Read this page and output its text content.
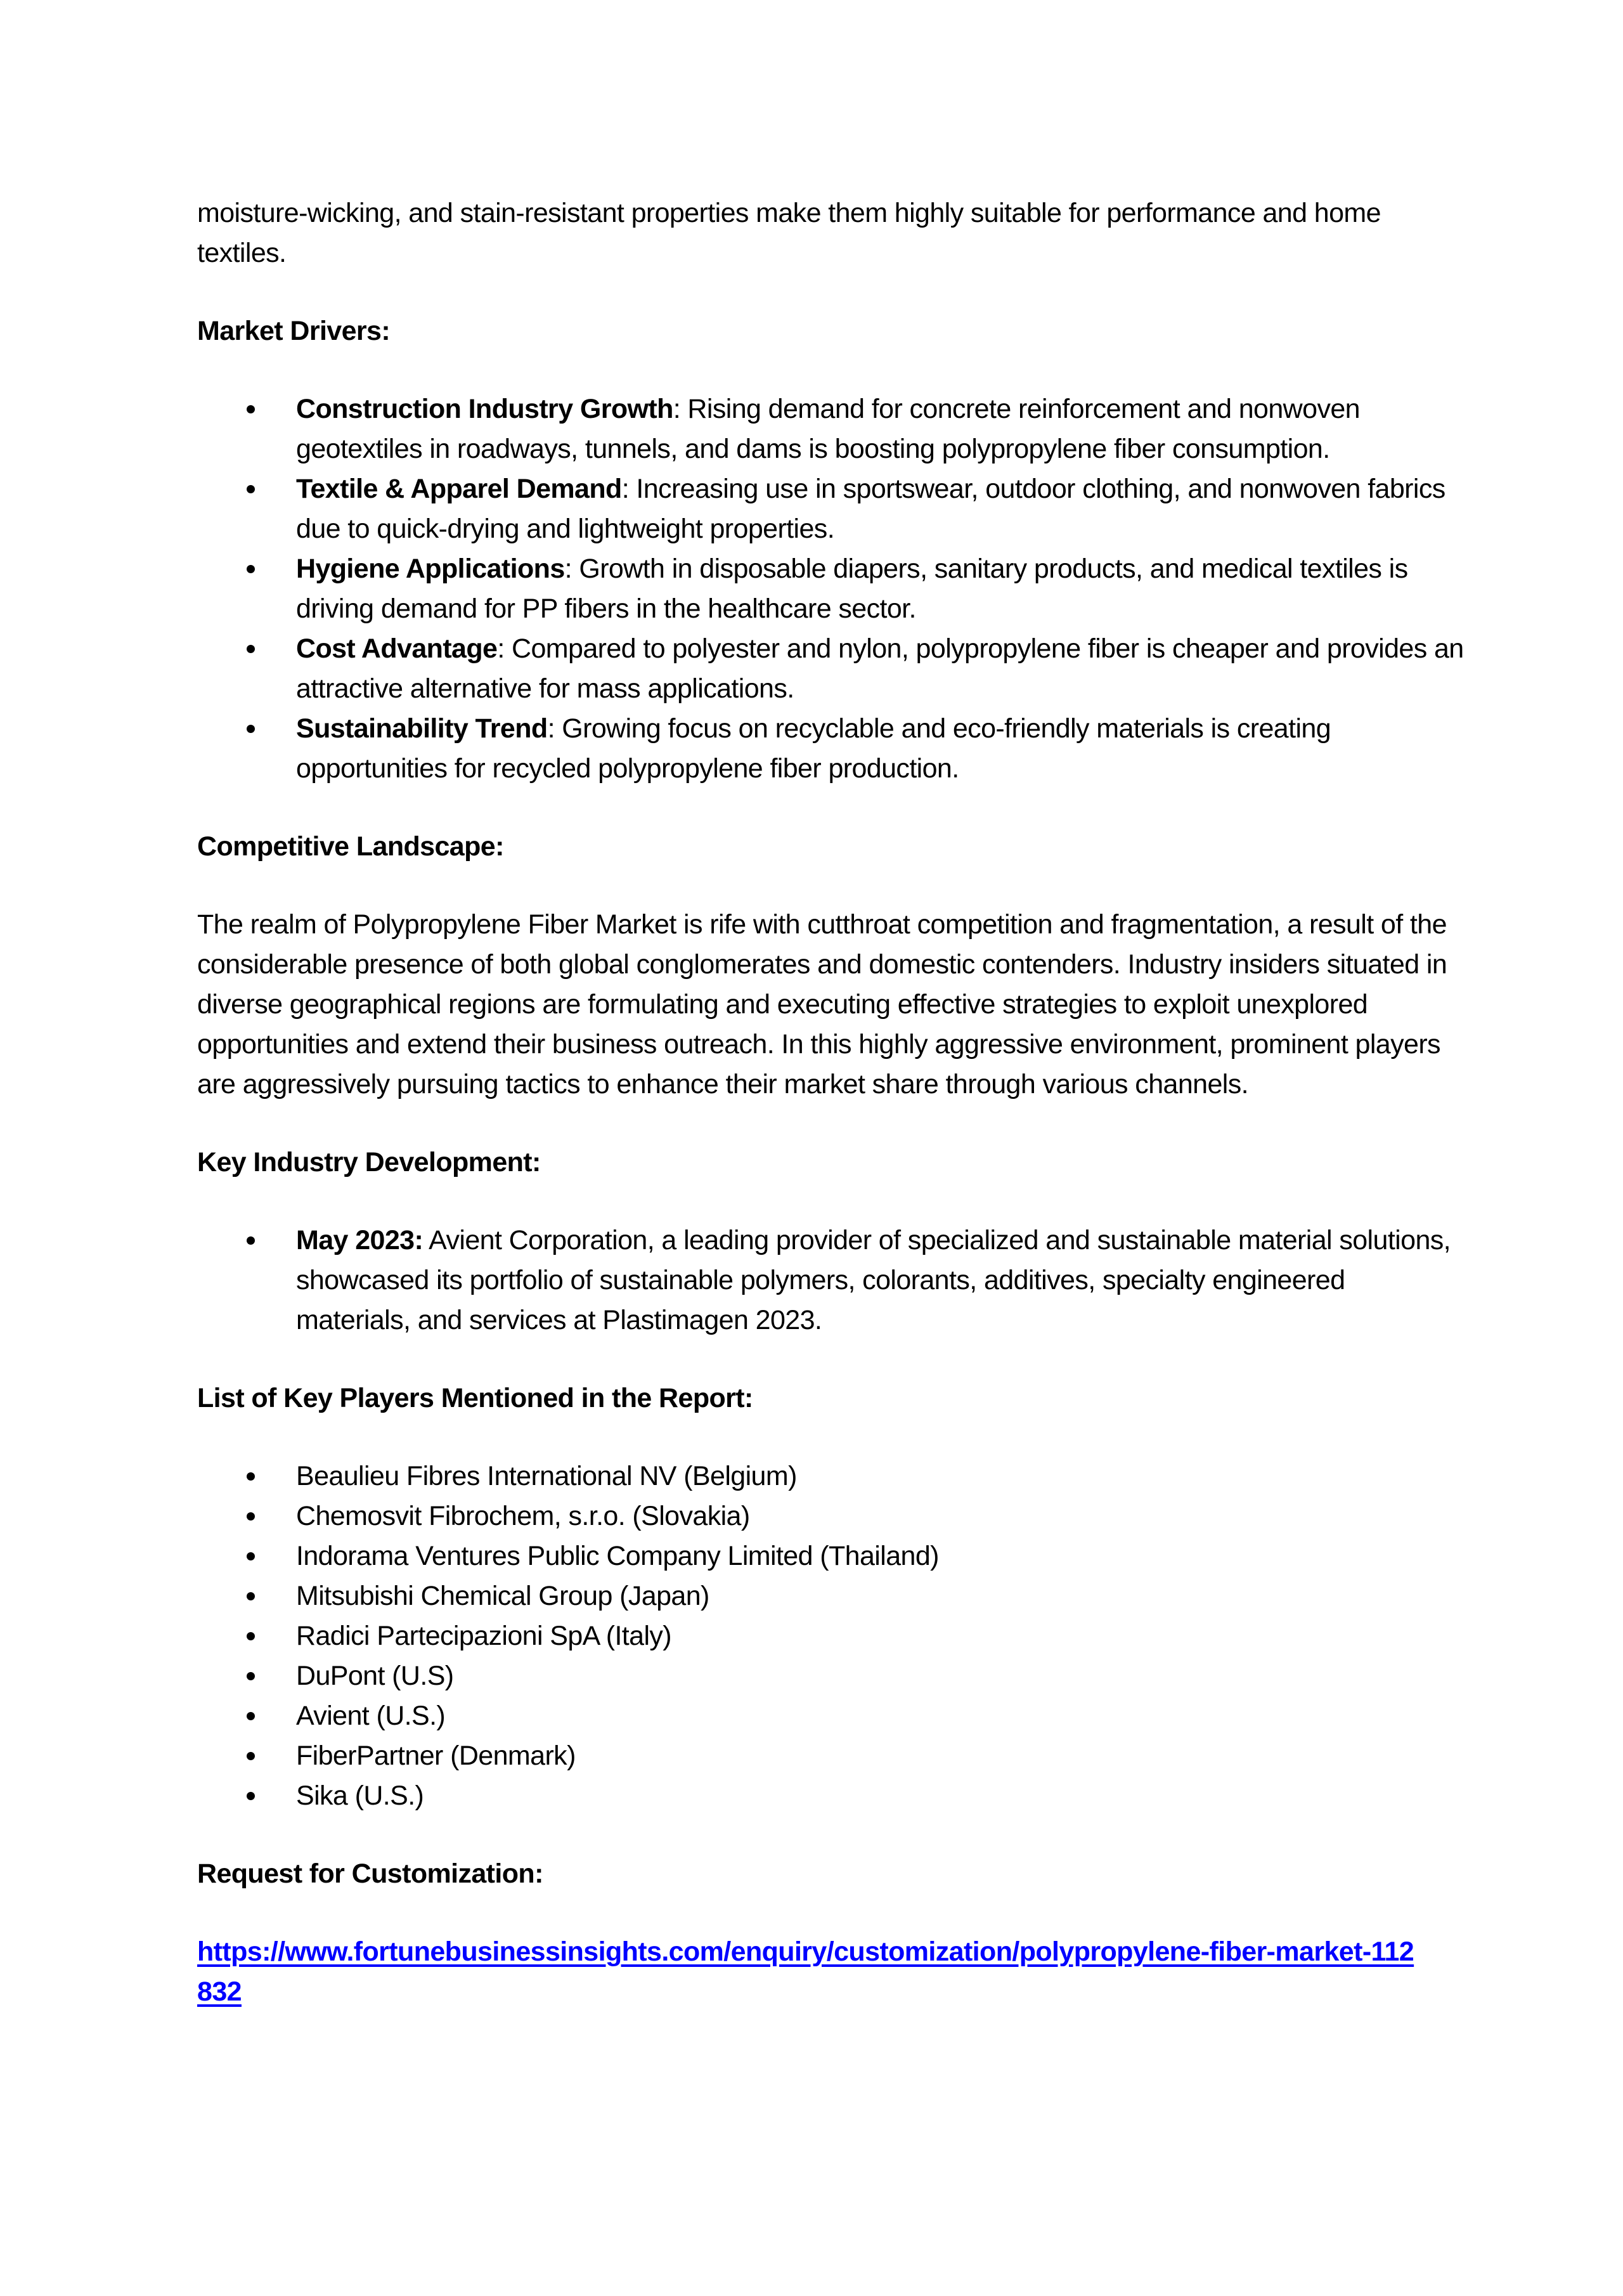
moisture-wicking, and stain-resistant properties make them highly suitable for performance and home textiles.

Market Drivers:

Construction Industry Growth: Rising demand for concrete reinforcement and nonwoven geotextiles in roadways, tunnels, and dams is boosting polypropylene fiber consumption.
Textile & Apparel Demand: Increasing use in sportswear, outdoor clothing, and nonwoven fabrics due to quick-drying and lightweight properties.
Hygiene Applications: Growth in disposable diapers, sanitary products, and medical textiles is driving demand for PP fibers in the healthcare sector.
Cost Advantage: Compared to polyester and nylon, polypropylene fiber is cheaper and provides an attractive alternative for mass applications.
Sustainability Trend: Growing focus on recyclable and eco-friendly materials is creating opportunities for recycled polypropylene fiber production.

Competitive Landscape:

The realm of Polypropylene Fiber Market is rife with cutthroat competition and fragmentation, a result of the considerable presence of both global conglomerates and domestic contenders. Industry insiders situated in diverse geographical regions are formulating and executing effective strategies to exploit unexplored opportunities and extend their business outreach. In this highly aggressive environment, prominent players are aggressively pursuing tactics to enhance their market share through various channels.

Key Industry Development:

May 2023: Avient Corporation, a leading provider of specialized and sustainable material solutions, showcased its portfolio of sustainable polymers, colorants, additives, specialty engineered materials, and services at Plastimagen 2023.

List of Key Players Mentioned in the Report:

Beaulieu Fibres International NV (Belgium)
Chemosvit Fibrochem, s.r.o. (Slovakia)
Indorama Ventures Public Company Limited (Thailand)
Mitsubishi Chemical Group (Japan)
Radici Partecipazioni SpA (Italy)
DuPont (U.S)
Avient (U.S.)
FiberPartner (Denmark)
Sika (U.S.)

Request for Customization:

https://www.fortunebusinessinsights.com/enquiry/customization/polypropylene-fiber-market-112832
